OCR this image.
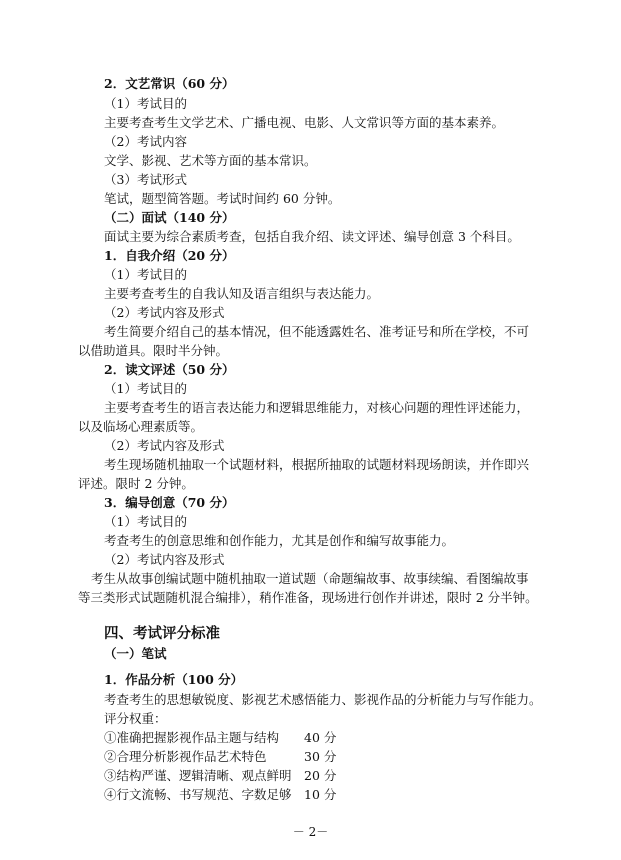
2．文艺常识（60 分）
（1）考试目的
主要考查考生文学艺术、广播电视、电影、人文常识等方面的基本素养。
（2）考试内容
文学、影视、艺术等方面的基本常识。
（3）考试形式
笔试，题型简答题。考试时间约 60 分钟。
（二）面试（140 分）
面试主要为综合素质考查，包括自我介绍、读文评述、编导创意 3 个科目。
1．自我介绍（20 分）
（1）考试目的
主要考查考生的自我认知及语言组织与表达能力。
（2）考试内容及形式
考生简要介绍自己的基本情况，但不能透露姓名、准考证号和所在学校，不可
以借助道具。限时半分钟。
2．读文评述（50 分）
（1）考试目的
主要考查考生的语言表达能力和逻辑思维能力，对核心问题的理性评述能力，
以及临场心理素质等。
（2）考试内容及形式
考生现场随机抽取一个试题材料，根据所抽取的试题材料现场朗读，并作即兴
评述。限时 2 分钟。
3．编导创意（70 分）
（1）考试目的
考查考生的创意思维和创作能力，尤其是创作和编写故事能力。
（2）考试内容及形式
考生从故事创编试题中随机抽取一道试题（命题编故事、故事续编、看图编故事
等三类形式试题随机混合编排），稍作准备，现场进行创作并讲述，限时 2 分半钟。
四、考试评分标准
（一）笔试
1．作品分析（100 分）
考查考生的思想敏锐度、影视艺术感悟能力、影视作品的分析能力与写作能力。
评分权重：
①准确把握影视作品主题与结构 40 分
②合理分析影视作品艺术特色	30 分
③结构严谨、逻辑清晰、观点鲜明 20 分
④行文流畅、书写规范、字数足够 10 分
－ 2－
